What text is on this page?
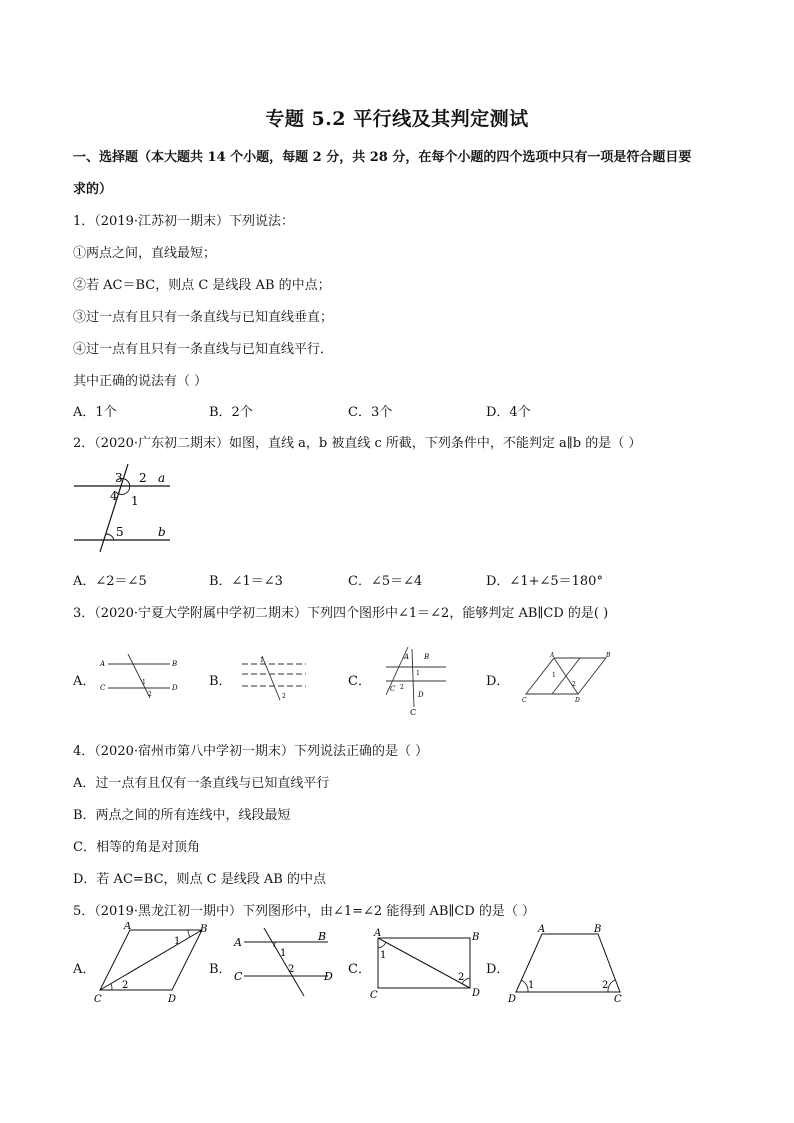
专题 5.2 平行线及其判定测试
一、选择题（本大题共 14 个小题，每题 2 分，共 28 分，在每个小题的四个选项中只有一项是符合题目要
求的）
1．（2019·江苏初一期末）下列说法：
①两点之间，直线最短；
②若 AC＝BC，则点 C 是线段 AB 的中点；
③过一点有且只有一条直线与已知直线垂直；
④过一点有且只有一条直线与已知直线平行．
其中正确的说法有（ ）
A．1个	B．2个	C．3个	D．4个
2．（2020·广东初二期末）如图，直线 a，b 被直线 c 所截，下列条件中，不能判定 a∥b 的是（ ）
3 2 a
4 1
5	b
A．∠2＝∠5	B．∠1＝∠3	C．∠5＝∠4	D．∠1+∠5＝180°
3．（2020·宁夏大学附属中学初二期末）下列四个图形中∠1＝∠2，能够判定 AB∥CD 的是( )
A．
A	B
C	D
1
2
B．
1
2
C．
A B
C
D
1
2
C
D．
A	B
C	D
1
2
4．（2020·宿州市第八中学初一期末）下列说法正确的是（ ）
A．过一点有且仅有一条直线与已知直线平行
B．两点之间的所有连线中，线段最短
C．相等的角是对顶角
D．若 AC=BC，则点 C 是线段 AB 的中点
5．（2019·黑龙江初一期中）下列图形中，由∠1=∠2 能得到 AB∥CD 的是（ ）
A．
A	B
C	D
1
2
B．
A	B
C	D
1
2	C．
A	B
C	D
1
2
D．
A	B
C
D
1	2
